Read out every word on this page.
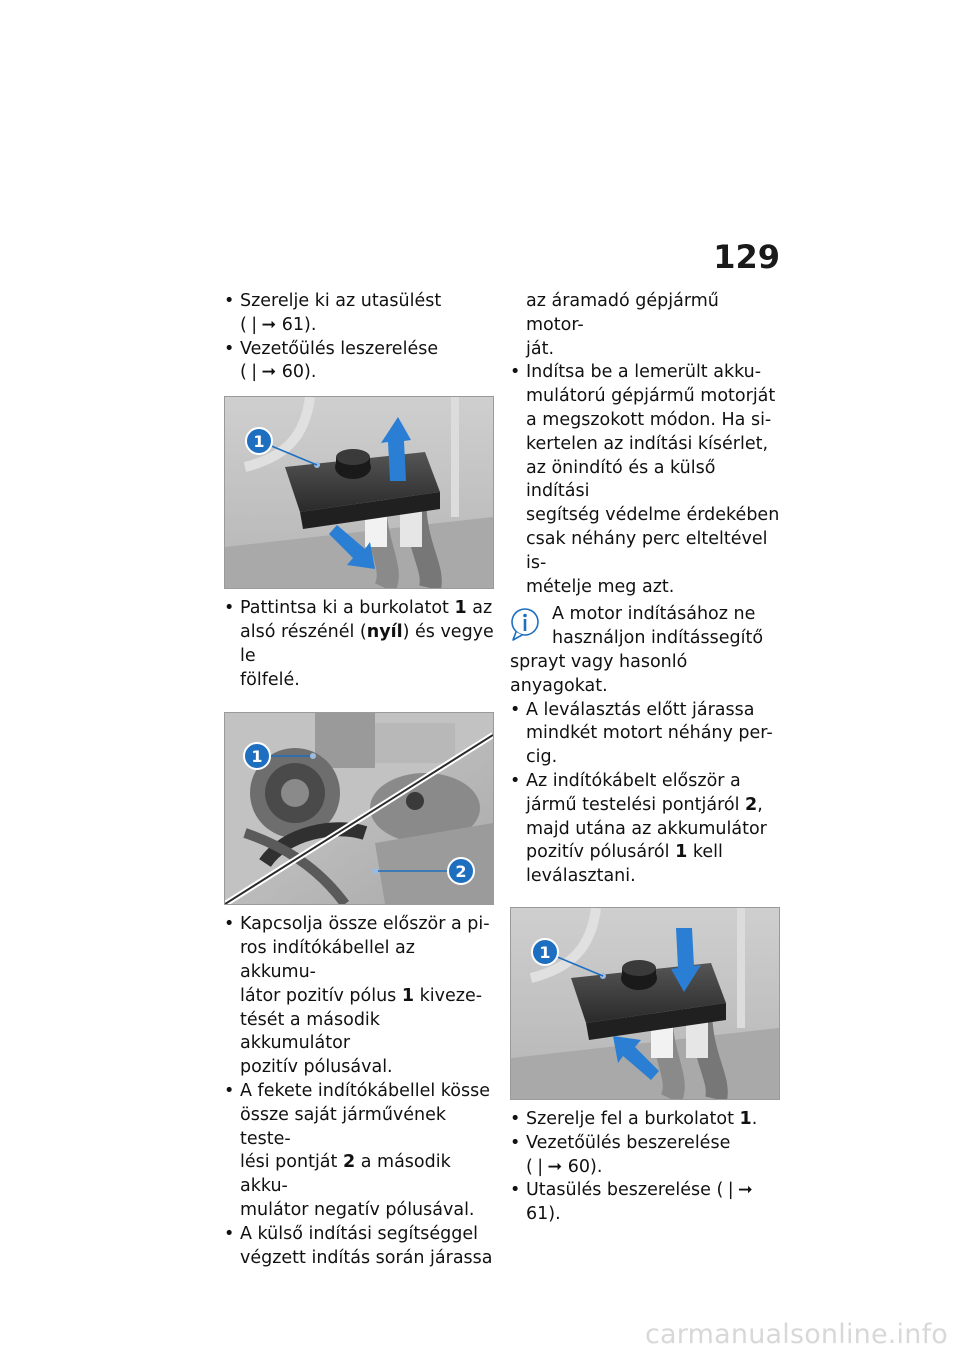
129
• Szerelje ki az utasülést
(❘➞ 61).
• Vezetőülés leszerelése
(❘➞ 60).
1
• Pattintsa ki a burkolatot 1 az
alsó részénél (nyíl) és vegye le
fölfelé.
1
2
• Kapcsolja össze először a pi-
ros indítókábellel az akkumu-
látor pozitív pólus 1 kiveze-
tését a második akkumulátor
pozitív pólusával.
• A fekete indítókábellel kösse
össze saját járművének teste-
lési pontját 2 a második akku-
mulátor negatív pólusával.
• A külső indítási segítséggel
végzett indítás során járassa
az áramadó gépjármű motor-
ját.
• Indítsa be a lemerült akku-
mulátorú gépjármű motorját
a megszokott módon. Ha si-
kertelen az indítási kísérlet,
az önindító és a külső indítási
segítség védelme érdekében
csak néhány perc elteltével is-
mételje meg azt.
A motor indításához ne
használjon indítássegítő
sprayt vagy hasonló anyagokat.
• A leválasztás előtt járassa
mindkét motort néhány per-
cig.
• Az indítókábelt először a
jármű testelési pontjáról 2,
majd utána az akkumulátor
pozitív pólusáról 1 kell
leválasztani.
1
• Szerelje fel a burkolatot 1.
• Vezetőülés beszerelése
(❘➞ 60).
• Utasülés beszerelése (❘➞ 61).
carmanualsonline.info
